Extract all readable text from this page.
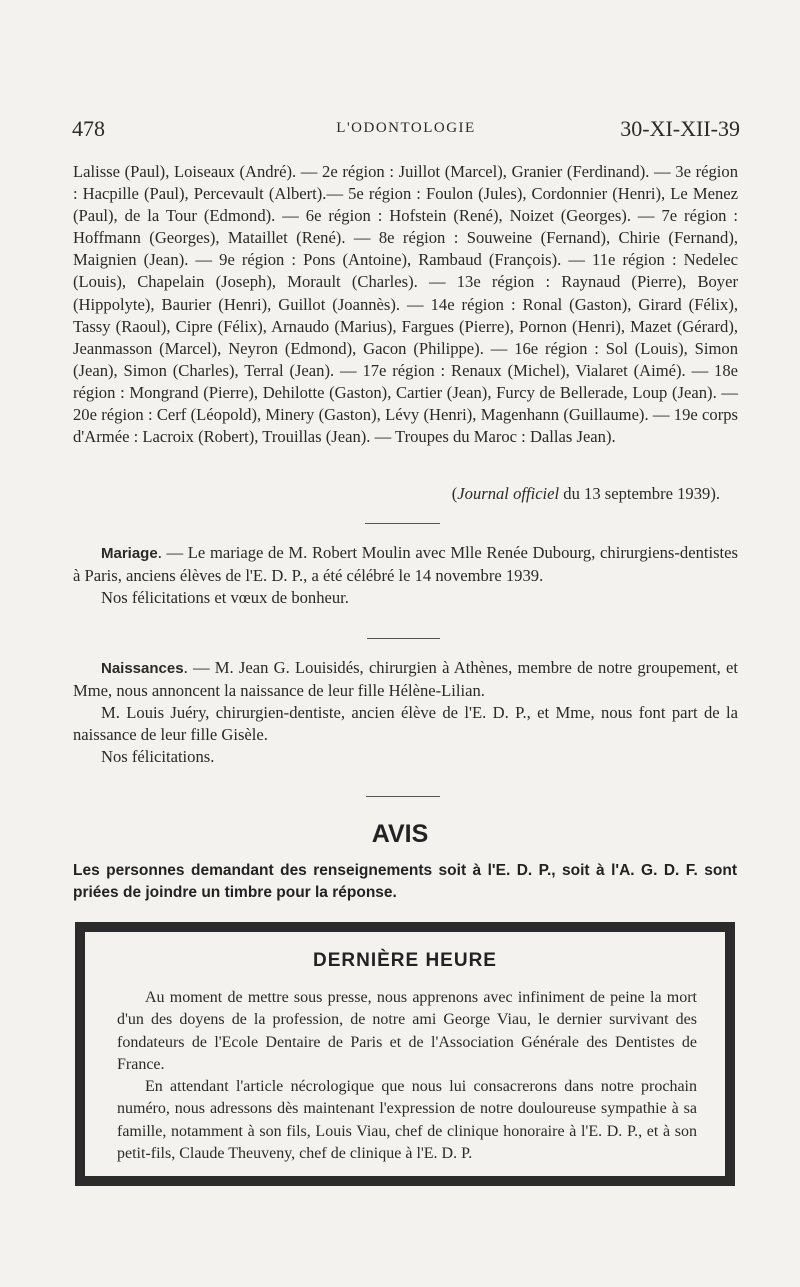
478	L'ODONTOLOGIE	30-XI-XII-39

Lalisse (Paul), Loiseaux (André). — 2e région : Juillot (Marcel), Granier (Ferdinand). — 3e région : Hacpille (Paul), Percevault (Albert).— 5e région : Foulon (Jules), Cordonnier (Henri), Le Menez (Paul), de la Tour (Edmond). — 6e région : Hofstein (René), Noizet (Georges). — 7e région : Hoffmann (Georges), Mataillet (René). — 8e région : Souweine (Fernand), Chirie (Fernand), Maignien (Jean). — 9e région : Pons (Antoine), Rambaud (François). — 11e région : Nedelec (Louis), Chapelain (Joseph), Morault (Charles). — 13e région : Raynaud (Pierre), Boyer (Hippolyte), Baurier (Henri), Guillot (Joannès). — 14e région : Ronal (Gaston), Girard (Félix), Tassy (Raoul), Cipre (Félix), Arnaudo (Marius), Fargues (Pierre), Pornon (Henri), Mazet (Gérard), Jeanmasson (Marcel), Neyron (Edmond), Gacon (Philippe). — 16e région : Sol (Louis), Simon (Jean), Simon (Charles), Terral (Jean). — 17e région : Renaux (Michel), Vialaret (Aimé). — 18e région : Mongrand (Pierre), Dehilotte (Gaston), Cartier (Jean), Furcy de Bellerade, Loup (Jean). — 20e région : Cerf (Léopold), Minery (Gaston), Lévy (Henri), Magenhann (Guillaume). — 19e corps d'Armée : Lacroix (Robert), Trouillas (Jean). — Troupes du Maroc : Dallas Jean).

(Journal officiel du 13 septembre 1939).

Mariage. — Le mariage de M. Robert Moulin avec Mlle Renée Dubourg, chirurgiens-dentistes à Paris, anciens élèves de l'E. D. P., a été célébré le 14 novembre 1939.

Nos félicitations et vœux de bonheur.

Naissances. — M. Jean G. Louisidés, chirurgien à Athènes, membre de notre groupement, et Mme, nous annoncent la naissance de leur fille Hélène-Lilian.

M. Louis Juéry, chirurgien-dentiste, ancien élève de l'E. D. P., et Mme, nous font part de la naissance de leur fille Gisèle.

Nos félicitations.

AVIS
Les personnes demandant des renseignements soit à l'E. D. P., soit à l'A. G. D. F. sont priées de joindre un timbre pour la réponse.
DERNIÈRE HEURE

Au moment de mettre sous presse, nous apprenons avec infiniment de peine la mort d'un des doyens de la profession, de notre ami George Viau, le dernier survivant des fondateurs de l'Ecole Dentaire de Paris et de l'Association Générale des Dentistes de France.

En attendant l'article nécrologique que nous lui consacrerons dans notre prochain numéro, nous adressons dès maintenant l'expression de notre douloureuse sympathie à sa famille, notamment à son fils, Louis Viau, chef de clinique honoraire à l'E. D. P., et à son petit-fils, Claude Theuveny, chef de clinique à l'E. D. P.
